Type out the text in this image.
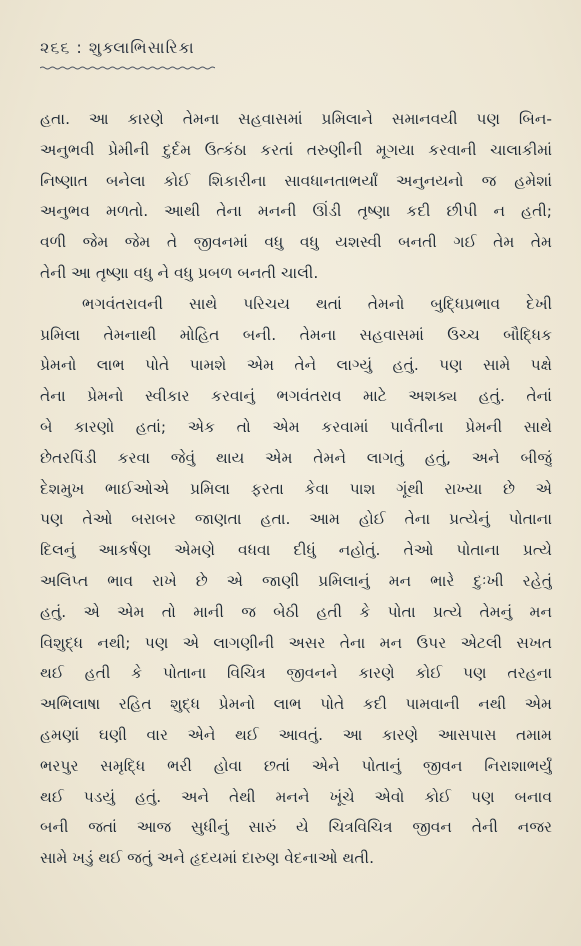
૨૬૬ : શુક્લાભિસારિકા
હતા. આ કારણે તેમના સહવાસમાં પ્રમિલાને સમાનવયી પણ બિન-
અનુભવી પ્રેમીની દુર્દમ ઉત્કંઠા કરતાં તરુણીની મૂગયા કરવાની ચાલાકીમાં
નિષ્ણાત બનેલા કોઈ શિકારીના સાવધાનતાભર્યાં અનુનયનો જ હમેશાં
અનુભવ મળતો. આથી તેના મનની ઊંડી તૃષ્ણા કદી છીપી ન હતી;
વળી જેમ જેમ તે જીવનમાં વધુ વધુ યશસ્વી બનતી ગઈ તેમ તેમ
તેની આ તૃષ્ણા વધુ ને વધુ પ્રબળ બનતી ચાલી.
ભગવંતરાવની સાથે પરિચય થતાં તેમનો બુદ્ધિપ્રભાવ દેખી
પ્રમિલા તેમનાથી મોહિત બની. તેમના સહવાસમાં ઉચ્ચ બૌદ્ધિક
પ્રેમનો લાભ પોતે પામશે એમ તેને લાગ્યું હતું. પણ સામે પક્ષે
તેના પ્રેમનો સ્વીકાર કરવાનું ભગવંતરાવ માટે અશક્ય હતું. તેનાં
બે કારણો હતાં; એક તો એમ કરવામાં પાર્વતીના પ્રેમની સાથે
છેતરપિંડી કરવા જેવું થાય એમ તેમને લાગતું હતું, અને બીજું
દેશમુખ ભાઈઓએ પ્રમિલા ફરતા કેવા પાશ ગૂંથી રાખ્યા છે એ
પણ તેઓ બરાબર જાણતા હતા. આમ હોઈ તેના પ્રત્યેનું પોતાના
દિલનું આકર્ષણ એમણે વધવા દીધું નહોતું. તેઓ પોતાના પ્રત્યે
અલિપ્ત ભાવ રાખે છે એ જાણી પ્રમિલાનું મન ભારે દુઃખી રહેતું
હતું. એ એમ તો માની જ બેઠી હતી કે પોતા પ્રત્યે તેમનું મન
વિશુદ્ધ નથી; પણ એ લાગણીની અસર તેના મન ઉપર એટલી સખત
થઈ હતી કે પોતાના વિચિત્ર જીવનને કારણે કોઈ પણ તરહના
અભિલાષા રહિત શુદ્ધ પ્રેમનો લાભ પોતે કદી પામવાની નથી એમ
હમણાં ઘણી વાર એને થઈ આવતું. આ કારણે આસપાસ તમામ
ભરપુર સમૃદ્ધિ ભરી હોવા છતાં એને પોતાનું જીવન નિરાશાભર્યું
થઈ પડયું હતું. અને તેથી મનને ખૂંચે એવો કોઈ પણ બનાવ
બની જતાં આજ સુધીનું સારું યે ચિત્રવિચિત્ર જીવન તેની નજર
સામે ખડું થઈ જતું અને હૃદયમાં દારુણ વેદનાઓ થતી.
